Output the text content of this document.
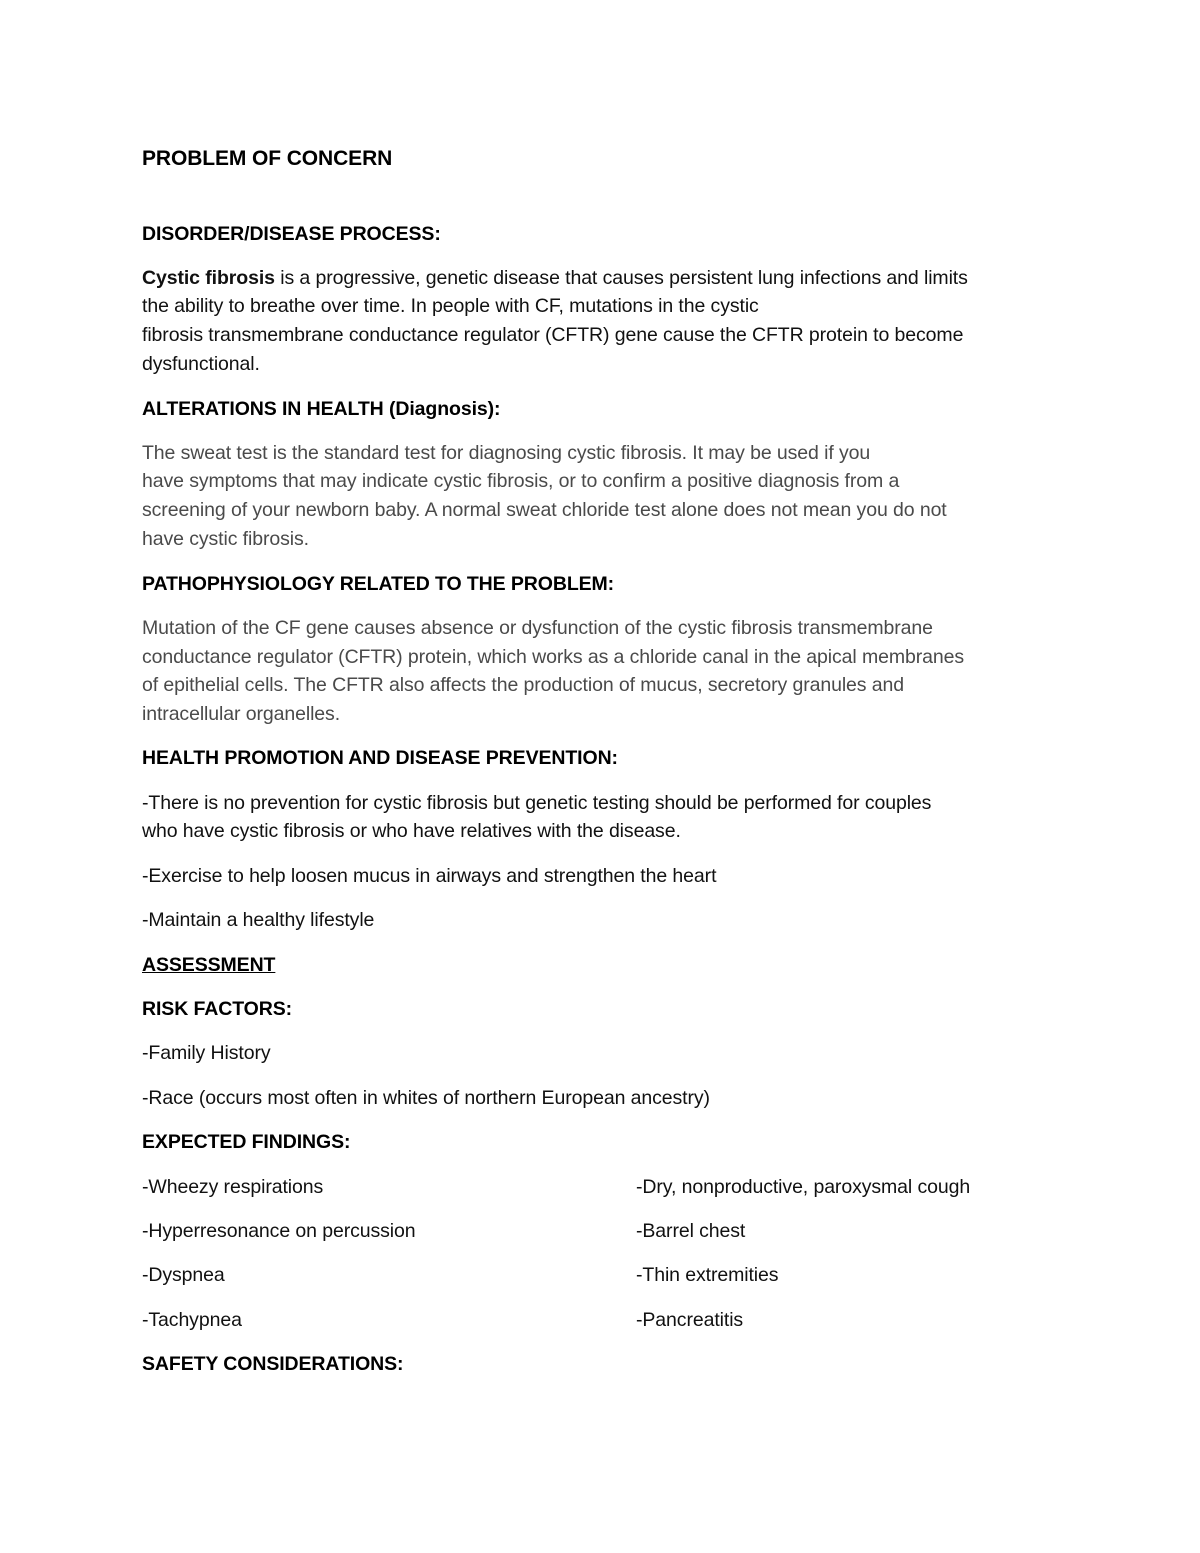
PROBLEM OF CONCERN
DISORDER/DISEASE PROCESS:
Cystic fibrosis is a progressive, genetic disease that causes persistent lung infections and limits
the ability to breathe over time. In people with CF, mutations in the cystic
fibrosis transmembrane conductance regulator (CFTR) gene cause the CFTR protein to become
dysfunctional.
ALTERATIONS IN HEALTH (Diagnosis):
The sweat test is the standard test for diagnosing cystic fibrosis. It may be used if you
have symptoms that may indicate cystic fibrosis, or to confirm a positive diagnosis from a
screening of your newborn baby. A normal sweat chloride test alone does not mean you do not
have cystic fibrosis.
PATHOPHYSIOLOGY RELATED TO THE PROBLEM:
Mutation of the CF gene causes absence or dysfunction of the cystic fibrosis transmembrane
conductance regulator (CFTR) protein, which works as a chloride canal in the apical membranes
of epithelial cells. The CFTR also affects the production of mucus, secretory granules and
intracellular organelles.
HEALTH PROMOTION AND DISEASE PREVENTION:
-There is no prevention for cystic fibrosis but genetic testing should be performed for couples
who have cystic fibrosis or who have relatives with the disease.
-Exercise to help loosen mucus in airways and strengthen the heart
-Maintain a healthy lifestyle
ASSESSMENT
RISK FACTORS:
-Family History
-Race (occurs most often in whites of northern European ancestry)
EXPECTED FINDINGS:
-Wheezy respirations	-Dry, nonproductive, paroxysmal cough
-Hyperresonance on percussion	-Barrel chest
-Dyspnea	-Thin extremities
-Tachypnea	-Pancreatitis
SAFETY CONSIDERATIONS:
